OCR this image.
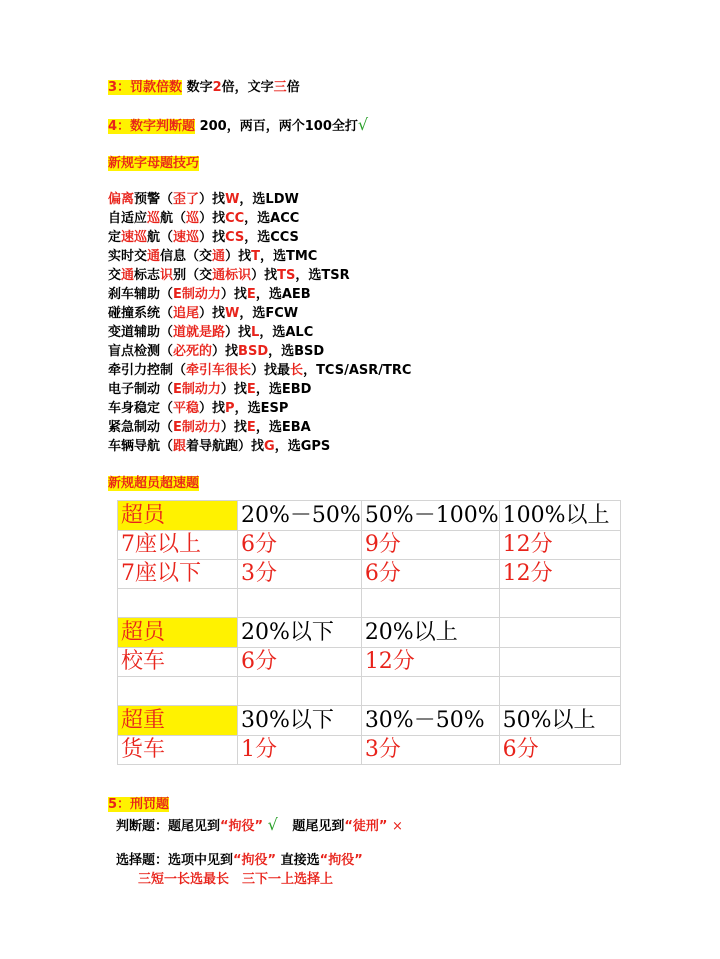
3：罚款倍数 数字2倍，文字三倍
4：数字判断题 200，两百，两个100全打√
新规字母题技巧
偏离预警（歪了）找W，选LDW
自适应巡航（巡）找CC，选ACC
定速巡航（速巡）找CS，选CCS
实时交通信息（交通）找T，选TMC
交通标志识别（交通标识）找TS，选TSR
刹车辅助（E制动力）找E，选AEB
碰撞系统（追尾）找W，选FCW
变道辅助（道就是路）找L，选ALC
盲点检测（必死的）找BSD，选BSD
牵引力控制（牵引车很长）找最长，TCS/ASR/TRC
电子制动（E制动力）找E，选EBD
车身稳定（平稳）找P，选ESP
紧急制动（E制动力）找E，选EBA
车辆导航（跟着导航跑）找G，选GPS
新规超员超速题
超员	20%－50%	50%－100%	100%以上
7座以上	6分	9分	12分
7座以下	3分	6分	12分

超员	20%以下	20%以上	
校车	6分	12分	

超重	30%以下	30%－50%	50%以上
货车	1分	3分	6分
5：刑罚题
判断题：题尾见到“拘役” √ 题尾见到“徒刑” ×
选择题：选项中见到“拘役” 直接选“拘役”
三短一长选最长　三下一上选择上
